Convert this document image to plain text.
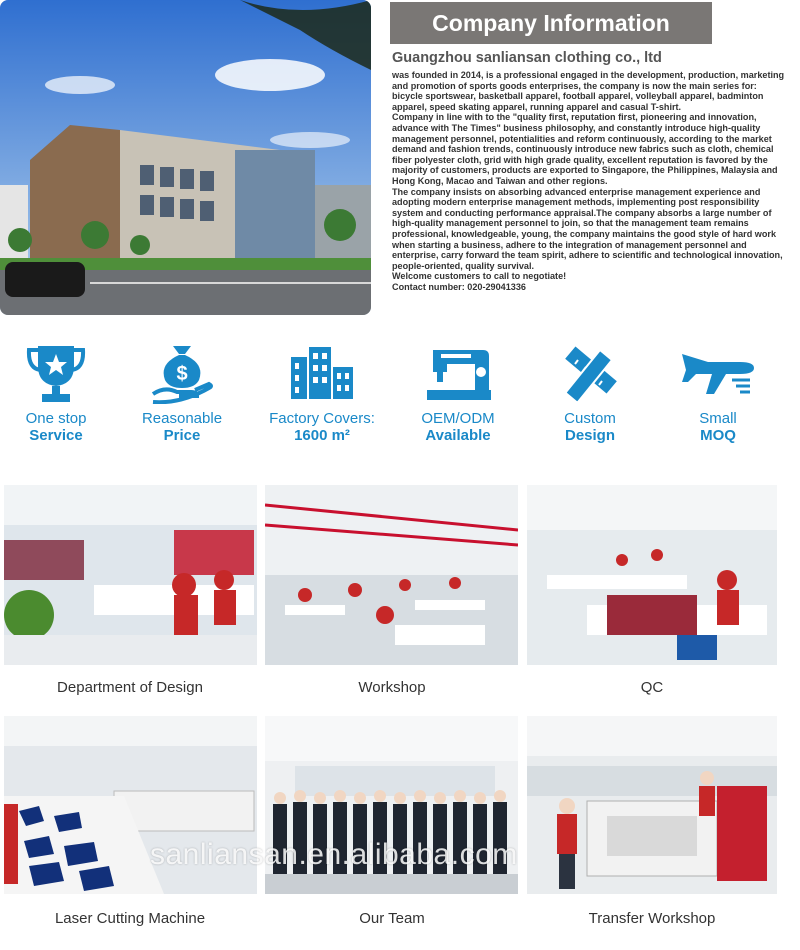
Company Information
Guangzhou sanliansan clothing co., ltd

was founded in 2014, is a professional engaged in the development, production, marketing and promotion of sports goods enterprises, the company is now the main series for: bicycle sportswear, basketball apparel, football apparel, volleyball apparel, badminton apparel, speed skating apparel, running apparel and casual T-shirt.

Company in line with to the "quality first, reputation first, pioneering and innovation, advance with The Times" business philosophy, and constantly introduce high-quality management personnel, potentialities and reform continuously, according to the market demand and fashion trends, continuously introduce new fabrics such as cloth, chemical fiber polyester cloth, grid with high grade quality, excellent reputation is favored by the majority of customers, products are exported to Singapore, the Philippines, Malaysia and Hong Kong, Macao and Taiwan and other regions.

The company insists on absorbing advanced enterprise management experience and adopting modern enterprise management methods, implementing post responsibility system and conducting performance appraisal.The company absorbs a large number of high-quality management personnel to join, so that the management team remains professional, knowledgeable, young, the company maintains the good style of hard work when starting a business, adhere to the integration of management personnel and enterprise, carry forward the team spirit, adhere to scientific and technological innovation, people-oriented, quality survival.

Welcome customers to call to negotiate!

Contact number: 020-29041336

One stop
Service
$
Reasonable
Price
Factory Covers:
1600 m²
OEM/ODM
Available
Custom
Design
Small
MOQ
Department of Design	Workshop	QC
Laser Cutting Machine	Our Team	Transfer Workshop
sanliansan.en.alibaba.com
